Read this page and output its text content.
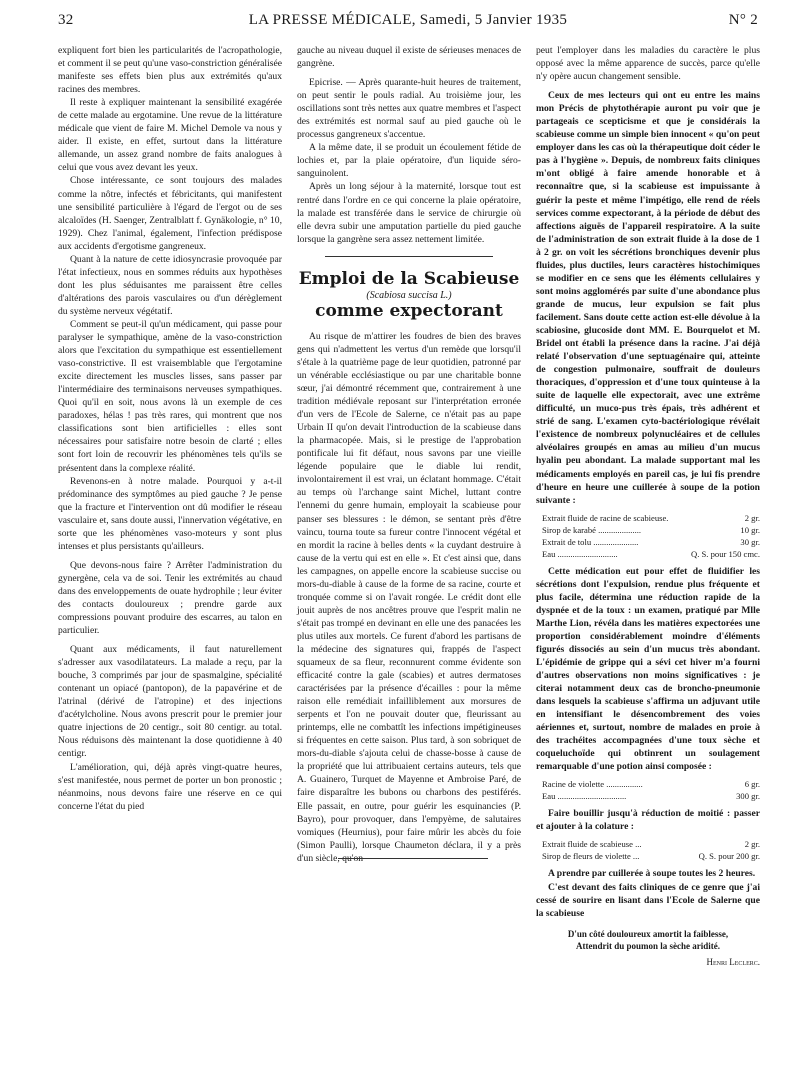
32	LA PRESSE MÉDICALE, Samedi, 5 Janvier 1935	N° 2

expliquent fort bien les particularités de l'acropathologie, et comment il se peut qu'une vaso-constriction généralisée manifeste ses effets bien plus aux extrémités qu'aux racines des membres.

Il reste à expliquer maintenant la sensibilité exagérée de cette malade au ergotamine. Une revue de la littérature médicale que vient de faire M. Michel Demole va nous y aider. Il existe, en effet, surtout dans la littérature allemande, un assez grand nombre de faits analogues à celui que vous avez devant les yeux.

Chose intéressante, ce sont toujours des malades comme la nôtre, infectés et fébricitants, qui manifestent une sensibilité particulière à l'égard de l'ergot ou de ses alcaloïdes (H. Saenger, Zentralblatt f. Gynäkologie, n° 10, 1929). Chez l'animal, également, l'infection prédispose aux accidents d'ergotisme gangreneux.

Quant à la nature de cette idiosyncrasie provoquée par l'état infectieux, nous en sommes réduits aux hypothèses dont les plus séduisantes me paraissent être celles d'altérations des parois vasculaires ou d'un dérèglement du système nerveux végétatif.

Comment se peut-il qu'un médicament, qui passe pour paralyser le sympathique, amène de la vaso-constriction alors que l'excitation du sympathique est essentiellement vaso-constrictive. Il est vraisemblable que l'ergotamine excite directement les muscles lisses, sans passer par l'intermédiaire des terminaisons nerveuses sympathiques. Quoi qu'il en soit, nous avons là un exemple de ces paradoxes, hélas ! pas très rares, qui montrent que nos classifications sont bien artificielles : elles sont nécessaires pour satisfaire notre besoin de clarté ; elles sont fort loin de recouvrir les phénomènes tels qu'ils se présentent dans la complexe réalité.

Revenons-en à notre malade. Pourquoi y a-t-il prédominance des symptômes au pied gauche ? Je pense que la fracture et l'intervention ont dû modifier le réseau vasculaire et, sans doute aussi, l'innervation végétative, en sorte que les phénomènes vaso-moteurs y sont plus intenses et plus persistants qu'ailleurs.

Que devons-nous faire ? Arrêter l'administration du gynergène, cela va de soi. Tenir les extrémités au chaud dans des enveloppements de ouate hydrophile ; leur éviter des contacts douloureux ; prendre garde aux compressions pouvant produire des escarres, au talon en particulier.

Quant aux médicaments, il faut naturellement s'adresser aux vasodilatateurs. La malade a reçu, par la bouche, 3 comprimés par jour de spasmalgine, spécialité contenant un opiacé (pantopon), de la papavérine et de l'atrinal (dérivé de l'atropine) et des injections d'acétylcholine. Nous avons prescrit pour le premier jour quatre injections de 20 centigr., soit 80 centigr. au total. Nous réduisons dès maintenant la dose quotidienne à 40 centigr.

L'amélioration, qui, déjà après vingt-quatre heures, s'est manifestée, nous permet de porter un bon pronostic ; néanmoins, nous devons faire une réserve en ce qui concerne l'état du pied

gauche au niveau duquel il existe de sérieuses menaces de gangrène.

Epicrise. — Après quarante-huit heures de traitement, on peut sentir le pouls radial. Au troisième jour, les oscillations sont très nettes aux quatre membres et l'aspect des extrémités est normal sauf au pied gauche où le processus gangreneux s'accentue.

A la même date, il se produit un écoulement fétide de lochies et, par la plaie opératoire, d'un liquide séro-sanguinolent.

Après un long séjour à la maternité, lorsque tout est rentré dans l'ordre en ce qui concerne la plaie opératoire, la malade est transférée dans le service de chirurgie où elle devra subir une amputation partielle du pied gauche lorsque la gangrène sera assez nettement limitée.

Emploi de la Scabieuse
(Scabiosa succisa L.)
comme expectorant

Au risque de m'attirer les foudres de bien des braves gens qui n'admettent les vertus d'un remède que lorsqu'il s'étale à la quatrième page de leur quotidien, patronné par un vénérable ecclésiastique ou par une charitable bonne sœur, j'ai démontré récemment que, contrairement à une tradition médiévale reposant sur l'interprétation erronée d'un vers de l'Ecole de Salerne, ce n'était pas au pape Urbain II qu'on devait l'introduction de la scabieuse dans la pharmacopée. Mais, si le prestige de l'approbation pontificale lui fit défaut, nous savons par une vieille légende populaire que le diable lui rendit, involontairement il est vrai, un éclatant hommage. C'était au temps où l'archange saint Michel, luttant contre l'ennemi du genre humain, employait la scabieuse pour panser ses blessures : le démon, se sentant près d'être vaincu, tourna toute sa fureur contre l'innocent végétal et en mordit la racine à belles dents « la cuydant destruire à cause de la vertu qui est en elle ». Et c'est ainsi que, dans les campagnes, on appelle encore la scabieuse succise ou mors-du-diable à cause de la forme de sa racine, courte et tronquée comme si on l'avait rongée. Le crédit dont elle jouit auprès de nos ancêtres prouve que l'esprit malin ne s'était pas trompé en devinant en elle une des panacées les plus utiles aux mortels. Ce furent d'abord les partisans de la médecine des signatures qui, frappés de l'aspect squameux de sa fleur, reconnurent comme évidente son efficacité contre la gale (scabies) et autres dermatoses caractérisées par la présence d'écailles : pour la même raison elle remédiait infailliblement aux morsures de serpents et l'on ne pouvait douter que, fleurissant au printemps, elle ne combattît les infections impétigineuses si fréquentes en cette saison. Plus tard, à son sobriquet de mors-du-diable s'ajouta celui de chasse-bosse à cause de la propriété que lui attribuaient certains auteurs, tels que A. Guainero, Turquet de Mayenne et Ambroise Paré, de faire disparaître les bubons ou charbons des pestiférés. Elle passait, en outre, pour guérir les esquinancies (P. Bayro), pour provoquer, dans l'empyème, de salutaires vomiques (Heurnius), pour faire mûrir les abcès du foie (Simon Paulli), lorsque Chaumeton déclara, il y a près d'un siècle, qu'on

peut l'employer dans les maladies du caractère le plus opposé avec la même apparence de succès, parce qu'elle n'y opère aucun changement sensible.

Ceux de mes lecteurs qui ont eu entre les mains mon Précis de phytothérapie auront pu voir que je partageais ce scepticisme et que je considérais la scabieuse comme un simple bien innocent « qu'on peut employer dans les cas où la thérapeutique doit céder le pas à l'hygiène ». Depuis, de nombreux faits cliniques m'ont obligé à faire amende honorable et à reconnaître que, si la scabieuse est impuissante à guérir la peste et même l'impétigo, elle rend de réels services comme expectorant, à la période de début des affections aiguës de l'appareil respiratoire. A la suite de l'administration de son extrait fluide à la dose de 1 à 2 gr. on voit les sécrétions bronchiques devenir plus fluides, plus ductiles, leurs caractères histochimiques se modifier en ce sens que les éléments cellulaires y sont moins agglomérés par suite d'une abondance plus grande de mucus, leur expulsion se fait plus facilement. Sans doute cette action est-elle dévolue à la scabiosine, glucoside dont MM. E. Bourquelot et M. Bridel ont établi la présence dans la racine. J'ai déjà relaté l'observation d'une septuagénaire qui, atteinte de congestion pulmonaire, souffrait de douleurs thoraciques, d'oppression et d'une toux quinteuse à la suite de laquelle elle expectorait, avec une extrême difficulté, un muco-pus très épais, très adhérent et strié de sang. L'examen cyto-bactériologique révélait l'existence de nombreux polynucléaires et de cellules alvéolaires groupés en amas au milieu d'un mucus hyalin peu abondant. La malade supportant mal les médicaments employés en pareil cas, je lui fis prendre d'heure en heure une cuillerée à soupe de la potion suivante :

Extrait fluide de racine de scabieuse.	2 gr.
Sirop de karabé ....................	10 gr.
Extrait de tolu .....................	30 gr.
Eau ............................	Q. S. pour 150 cmc.

Cette médication eut pour effet de fluidifier les sécrétions dont l'expulsion, rendue plus fréquente et plus facile, détermina une réduction rapide de la dyspnée et de la toux : un examen, pratiqué par Mlle Marthe Lion, révéla dans les matières expectorées une proportion considérablement moindre d'éléments figurés dissociés au sein d'un mucus très abondant. L'épidémie de grippe qui a sévi cet hiver m'a fourni d'autres observations non moins significatives : je citerai notamment deux cas de broncho-pneumonie dans lesquels la scabieuse s'affirma un adjuvant utile en intensifiant le désencombrement des voies aériennes et, surtout, nombre de malades en proie à des trachéites accompagnées d'une toux sèche et coqueluchoïde qui obtinrent un soulagement remarquable d'une potion ainsi composée :

Racine de violette .................	6 gr.
Eau ................................	300 gr.

Faire bouillir jusqu'à réduction de moitié : passer et ajouter à la colature :

Extrait fluide de scabieuse ...	2 gr.
Sirop de fleurs de violette ...	Q. S. pour 200 gr.

A prendre par cuillerée à soupe toutes les 2 heures.

C'est devant des faits cliniques de ce genre que j'ai cessé de sourire en lisant dans l'Ecole de Salerne que la scabieuse

D'un côté douloureux amortit la faiblesse,
Attendrit du poumon la sèche aridité.
Henri Leclerc.
